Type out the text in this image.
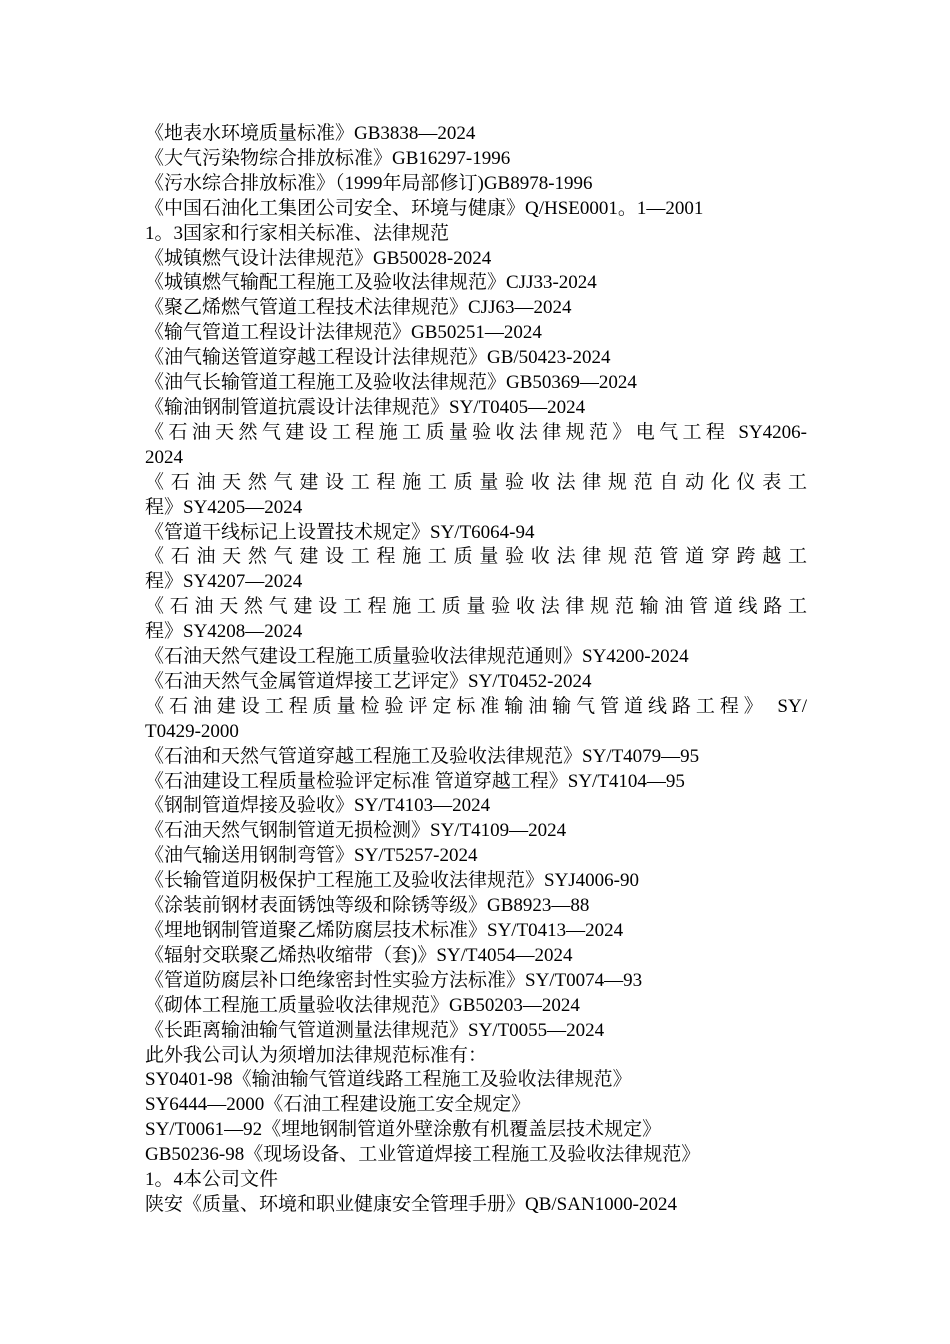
《地表水环境质量标准》GB3838—2024
《大气污染物综合排放标准》GB16297-1996
《污水综合排放标准》（1999年局部修订)GB8978-1996
《中国石油化工集团公司安全、环境与健康》Q/HSE0001。1—2001
1。3国家和行家相关标准、法律规范
《城镇燃气设计法律规范》GB50028-2024
《城镇燃气输配工程施工及验收法律规范》CJJ33-2024
《聚乙烯燃气管道工程技术法律规范》CJJ63—2024
《输气管道工程设计法律规范》GB50251—2024
《油气输送管道穿越工程设计法律规范》GB/50423-2024
《油气长输管道工程施工及验收法律规范》GB50369—2024
《输油钢制管道抗震设计法律规范》SY/T0405—2024
《石油天然气建设工程施工质量验收法律规范》电气工程 SY4206-
2024
《石油天然气建设工程施工质量验收法律规范自动化仪表工
程》SY4205—2024
《管道干线标记上设置技术规定》SY/T6064-94
《石油天然气建设工程施工质量验收法律规范管道穿跨越工
程》SY4207—2024
《石油天然气建设工程施工质量验收法律规范输油管道线路工
程》SY4208—2024
《石油天然气建设工程施工质量验收法律规范通则》SY4200-2024
《石油天然气金属管道焊接工艺评定》SY/T0452-2024
《石油建设工程质量检验评定标准输油输气管道线路工程》 SY/
T0429-2000
《石油和天然气管道穿越工程施工及验收法律规范》SY/T4079—95
《石油建设工程质量检验评定标准 管道穿越工程》SY/T4104—95
《钢制管道焊接及验收》SY/T4103—2024
《石油天然气钢制管道无损检测》SY/T4109—2024
《油气输送用钢制弯管》SY/T5257-2024
《长输管道阴极保护工程施工及验收法律规范》SYJ4006-90
《涂装前钢材表面锈蚀等级和除锈等级》GB8923—88
《埋地钢制管道聚乙烯防腐层技术标准》SY/T0413—2024
《辐射交联聚乙烯热收缩带（套)》SY/T4054—2024
《管道防腐层补口绝缘密封性实验方法标准》SY/T0074—93
《砌体工程施工质量验收法律规范》GB50203—2024
《长距离输油输气管道测量法律规范》SY/T0055—2024
此外我公司认为须增加法律规范标准有：
SY0401-98《输油输气管道线路工程施工及验收法律规范》
SY6444—2000《石油工程建设施工安全规定》
SY/T0061—92《埋地钢制管道外壁涂敷有机覆盖层技术规定》
GB50236-98《现场设备、工业管道焊接工程施工及验收法律规范》
1。4本公司文件
陕安《质量、环境和职业健康安全管理手册》QB/SAN1000-2024
